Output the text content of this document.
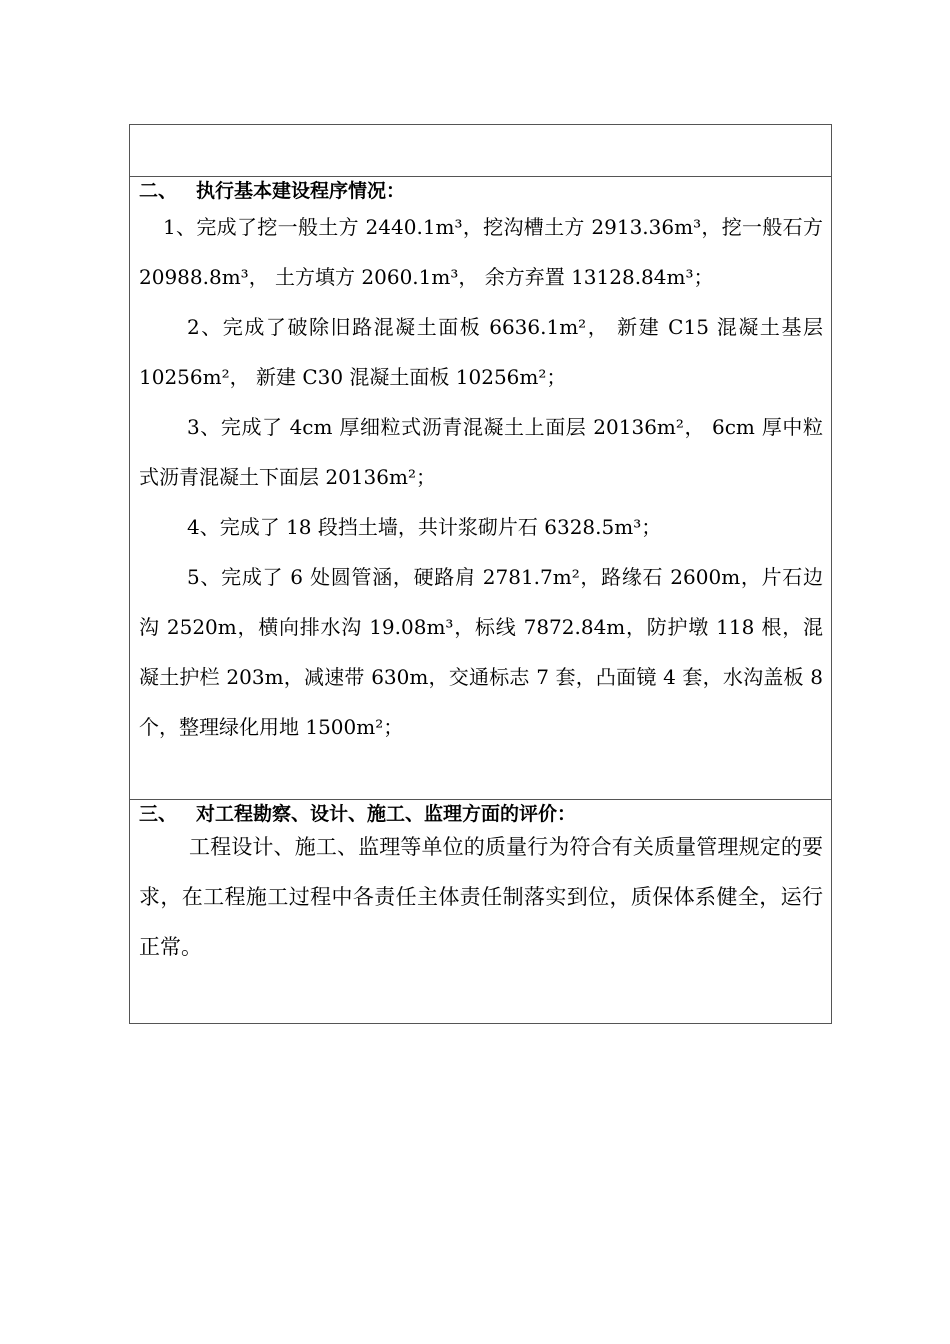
二、 执行基本建设程序情况：

1、完成了挖一般土方 2440.1m³，挖沟槽土方 2913.36m³，挖一般石方 20988.8m³， 土方填方 2060.1m³， 余方弃置 13128.84m³；

2、完成了破除旧路混凝土面板 6636.1m²， 新建 C15 混凝土基层 10256m²， 新建 C30 混凝土面板 10256m²；

3、完成了 4cm 厚细粒式沥青混凝土上面层 20136m²， 6cm 厚中粒式沥青混凝土下面层 20136m²；

4、完成了 18 段挡土墙，共计浆砌片石 6328.5m³；

5、完成了 6 处圆管涵，硬路肩 2781.7m²，路缘石 2600m，片石边沟 2520m，横向排水沟 19.08m³，标线 7872.84m，防护墩 118 根，混凝土护栏 203m，减速带 630m，交通标志 7 套，凸面镜 4 套，水沟盖板 8 个，整理绿化用地 1500m²；

三、 对工程勘察、设计、施工、监理方面的评价：

工程设计、施工、监理等单位的质量行为符合有关质量管理规定的要求，在工程施工过程中各责任主体责任制落实到位，质保体系健全，运行正常。
